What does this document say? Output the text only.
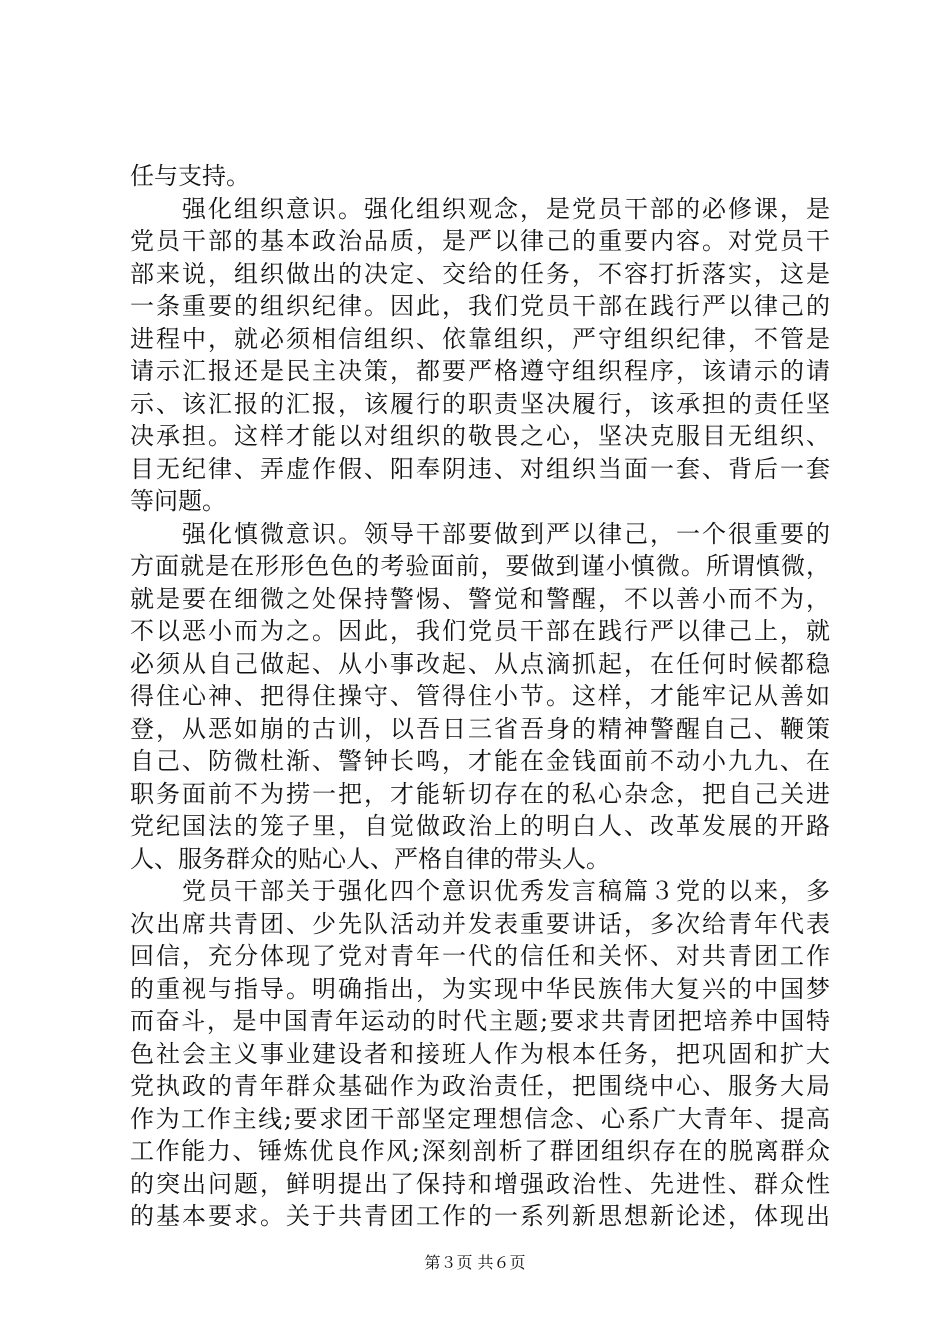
任与支持。
　　强化组织意识。强化组织观念，是党员干部的必修课，是
党员干部的基本政治品质，是严以律己的重要内容。对党员干
部来说，组织做出的决定、交给的任务，不容打折落实，这是
一条重要的组织纪律。因此，我们党员干部在践行严以律己的
进程中，就必须相信组织、依靠组织，严守组织纪律，不管是
请示汇报还是民主决策，都要严格遵守组织程序，该请示的请
示、该汇报的汇报，该履行的职责坚决履行，该承担的责任坚
决承担。这样才能以对组织的敬畏之心，坚决克服目无组织、
目无纪律、弄虚作假、阳奉阴违、对组织当面一套、背后一套
等问题。
　　强化慎微意识。领导干部要做到严以律己，一个很重要的
方面就是在形形色色的考验面前，要做到谨小慎微。所谓慎微，
就是要在细微之处保持警惕、警觉和警醒，不以善小而不为，
不以恶小而为之。因此，我们党员干部在践行严以律己上，就
必须从自己做起、从小事改起、从点滴抓起，在任何时候都稳
得住心神、把得住操守、管得住小节。这样，才能牢记从善如
登，从恶如崩的古训，以吾日三省吾身的精神警醒自己、鞭策
自己、防微杜渐、警钟长鸣，才能在金钱面前不动小九九、在
职务面前不为捞一把，才能斩切存在的私心杂念，把自己关进
党纪国法的笼子里，自觉做政治上的明白人、改革发展的开路
人、服务群众的贴心人、严格自律的带头人。
　　党员干部关于强化四个意识优秀发言稿篇３党的以来，多
次出席共青团、少先队活动并发表重要讲话，多次给青年代表
回信，充分体现了党对青年一代的信任和关怀、对共青团工作
的重视与指导。明确指出，为实现中华民族伟大复兴的中国梦
而奋斗，是中国青年运动的时代主题;要求共青团把培养中国特
色社会主义事业建设者和接班人作为根本任务，把巩固和扩大
党执政的青年群众基础作为政治责任，把围绕中心、服务大局
作为工作主线;要求团干部坚定理想信念、心系广大青年、提高
工作能力、锤炼优良作风;深刻剖析了群团组织存在的脱离群众
的突出问题，鲜明提出了保持和增强政治性、先进性、群众性
的基本要求。关于共青团工作的一系列新思想新论述，体现出
第３页 共６页
